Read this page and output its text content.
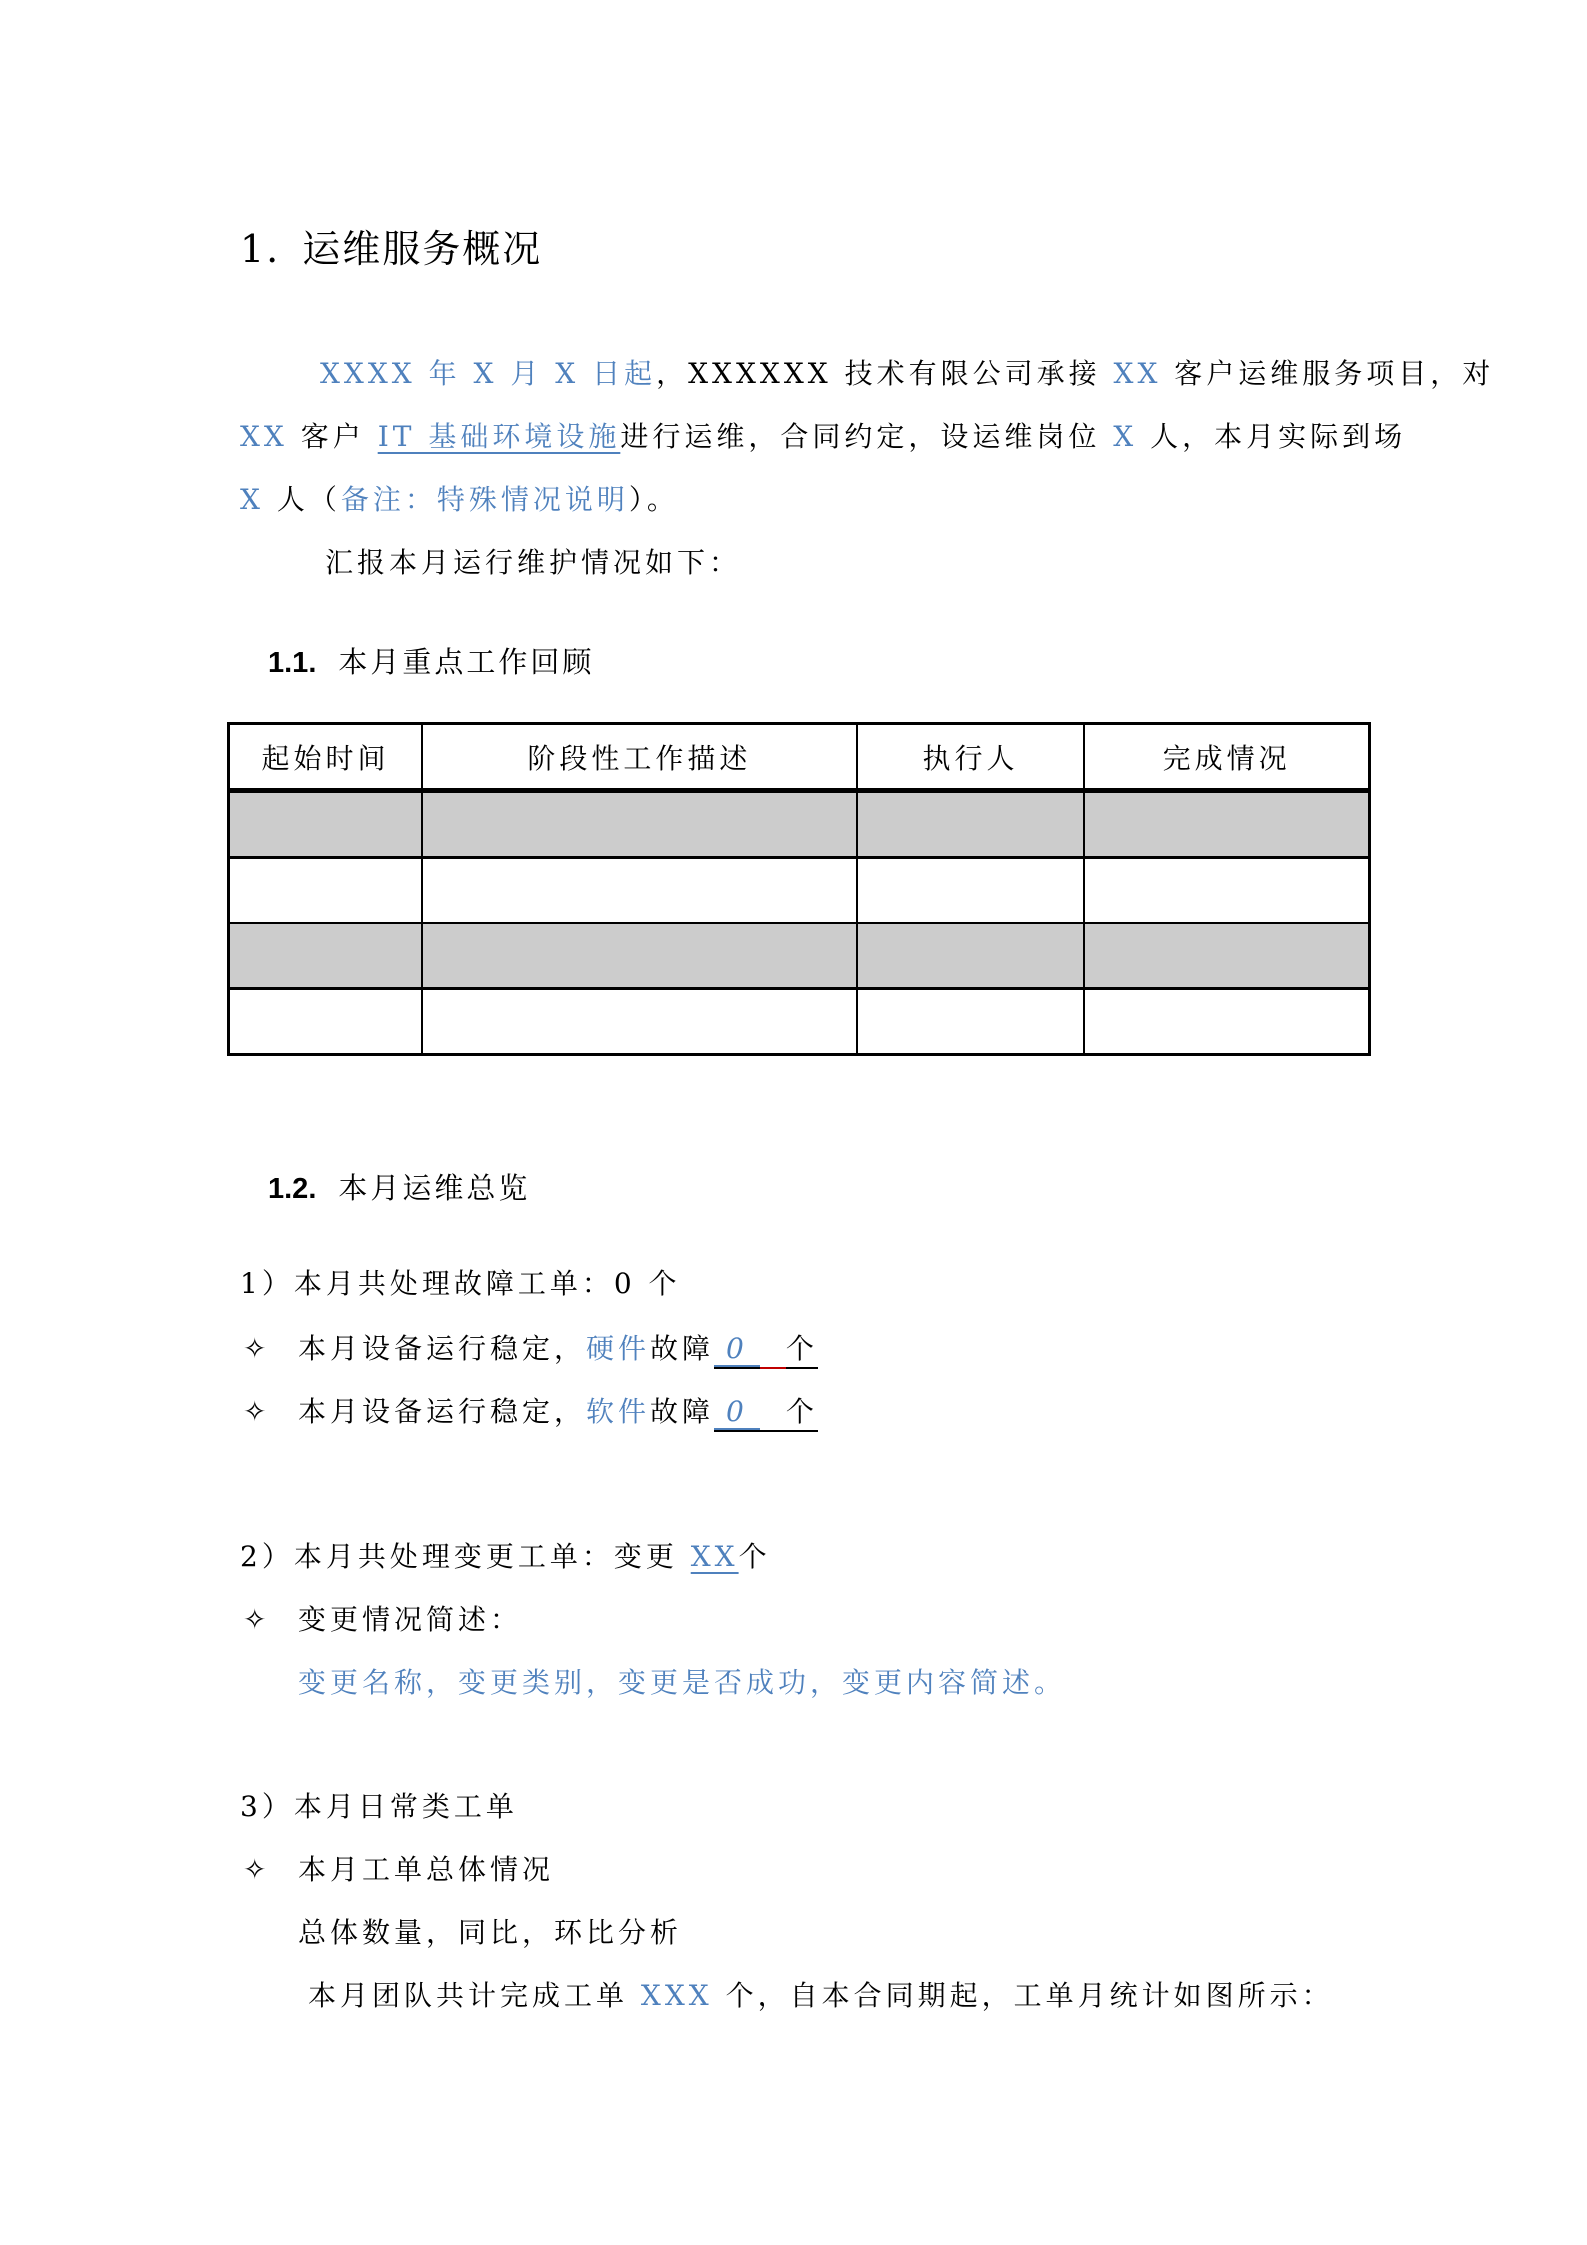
1. 运维服务概况
XXXX 年 X 月 X 日起，XXXXXX 技术有限公司承接 XX 客户运维服务项目，对
XX 客户 IT 基础环境设施进行运维，合同约定，设运维岗位 X 人，本月实际到场
X 人（备注：特殊情况说明）。
汇报本月运行维护情况如下：
1.1. 本月重点工作回顾
起始时间	阶段性工作描述	执行人	完成情况

1.2. 本月运维总览
1）本月共处理故障工单：0 个
✧ 本月设备运行稳定，硬件故障 0 个
✧ 本月设备运行稳定，软件故障 0 个
2）本月共处理变更工单：变更 XX个
✧ 变更情况简述：
变更名称，变更类别，变更是否成功，变更内容简述。
3）本月日常类工单
✧ 本月工单总体情况
总体数量，同比，环比分析
本月团队共计完成工单 XXX 个，自本合同期起，工单月统计如图所示：
